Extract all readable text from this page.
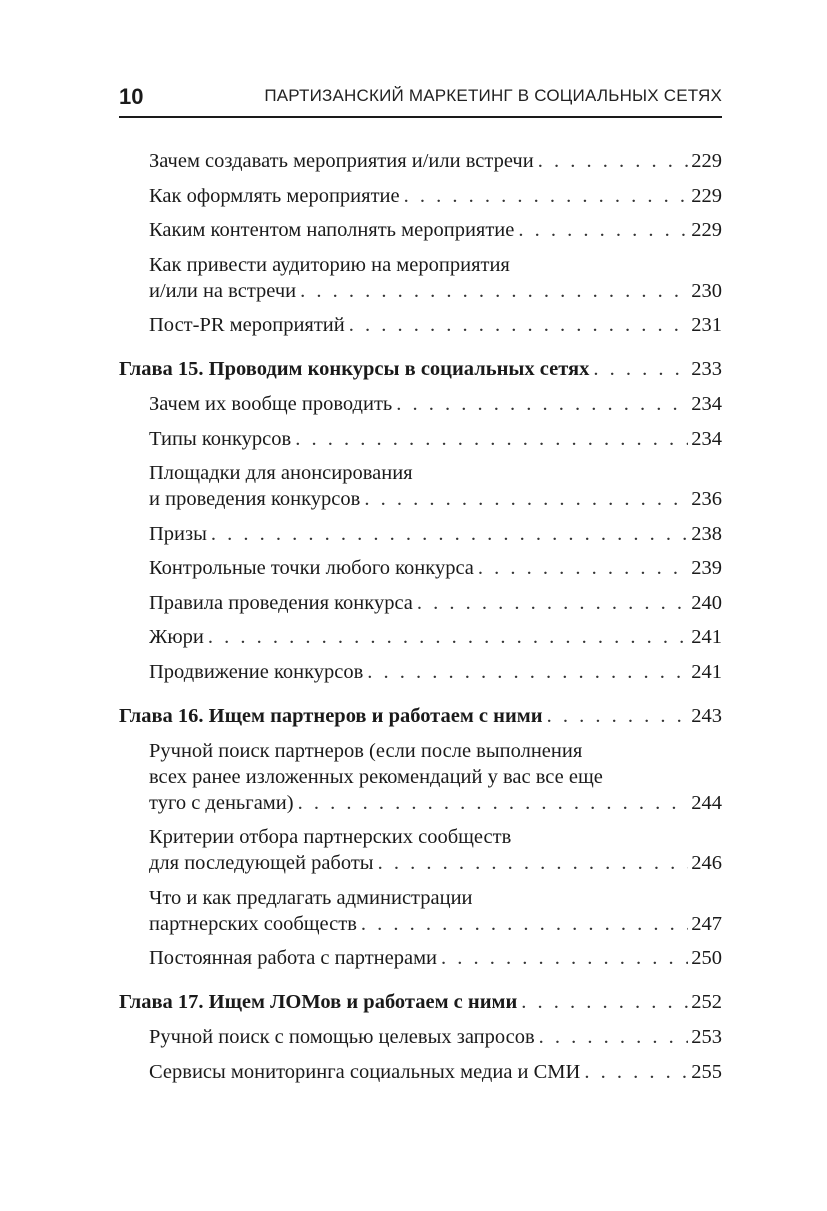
10	ПАРТИЗАНСКИЙ МАРКЕТИНГ В СОЦИАЛЬНЫХ СЕТЯХ
Зачем создавать мероприятия и/или встречи . . .	229
Как оформлять мероприятие . . .	229
Каким контентом наполнять мероприятие . . .	229
Как привести аудиторию на мероприятия
и/или на встречи . . .	230
Пост-PR мероприятий . . .	231
Глава 15. Проводим конкурсы в социальных сетях . . .	233
Зачем их вообще проводить . . .	234
Типы конкурсов . . .	234
Площадки для анонсирования
и проведения конкурсов . . .	236
Призы . . .	238
Контрольные точки любого конкурса . . .	239
Правила проведения конкурса . . .	240
Жюри . . .	241
Продвижение конкурсов . . .	241
Глава 16. Ищем партнеров и работаем с ними . . .	243
Ручной поиск партнеров (если после выполнения
всех ранее изложенных рекомендаций у вас все еще
туго с деньгами) . . .	244
Критерии отбора партнерских сообществ
для последующей работы . . .	246
Что и как предлагать администрации
партнерских сообществ . . .	247
Постоянная работа с партнерами . . .	250
Глава 17. Ищем ЛОМов и работаем с ними . . .	252
Ручной поиск с помощью целевых запросов . . .	253
Сервисы мониторинга социальных медиа и СМИ . . .	255
